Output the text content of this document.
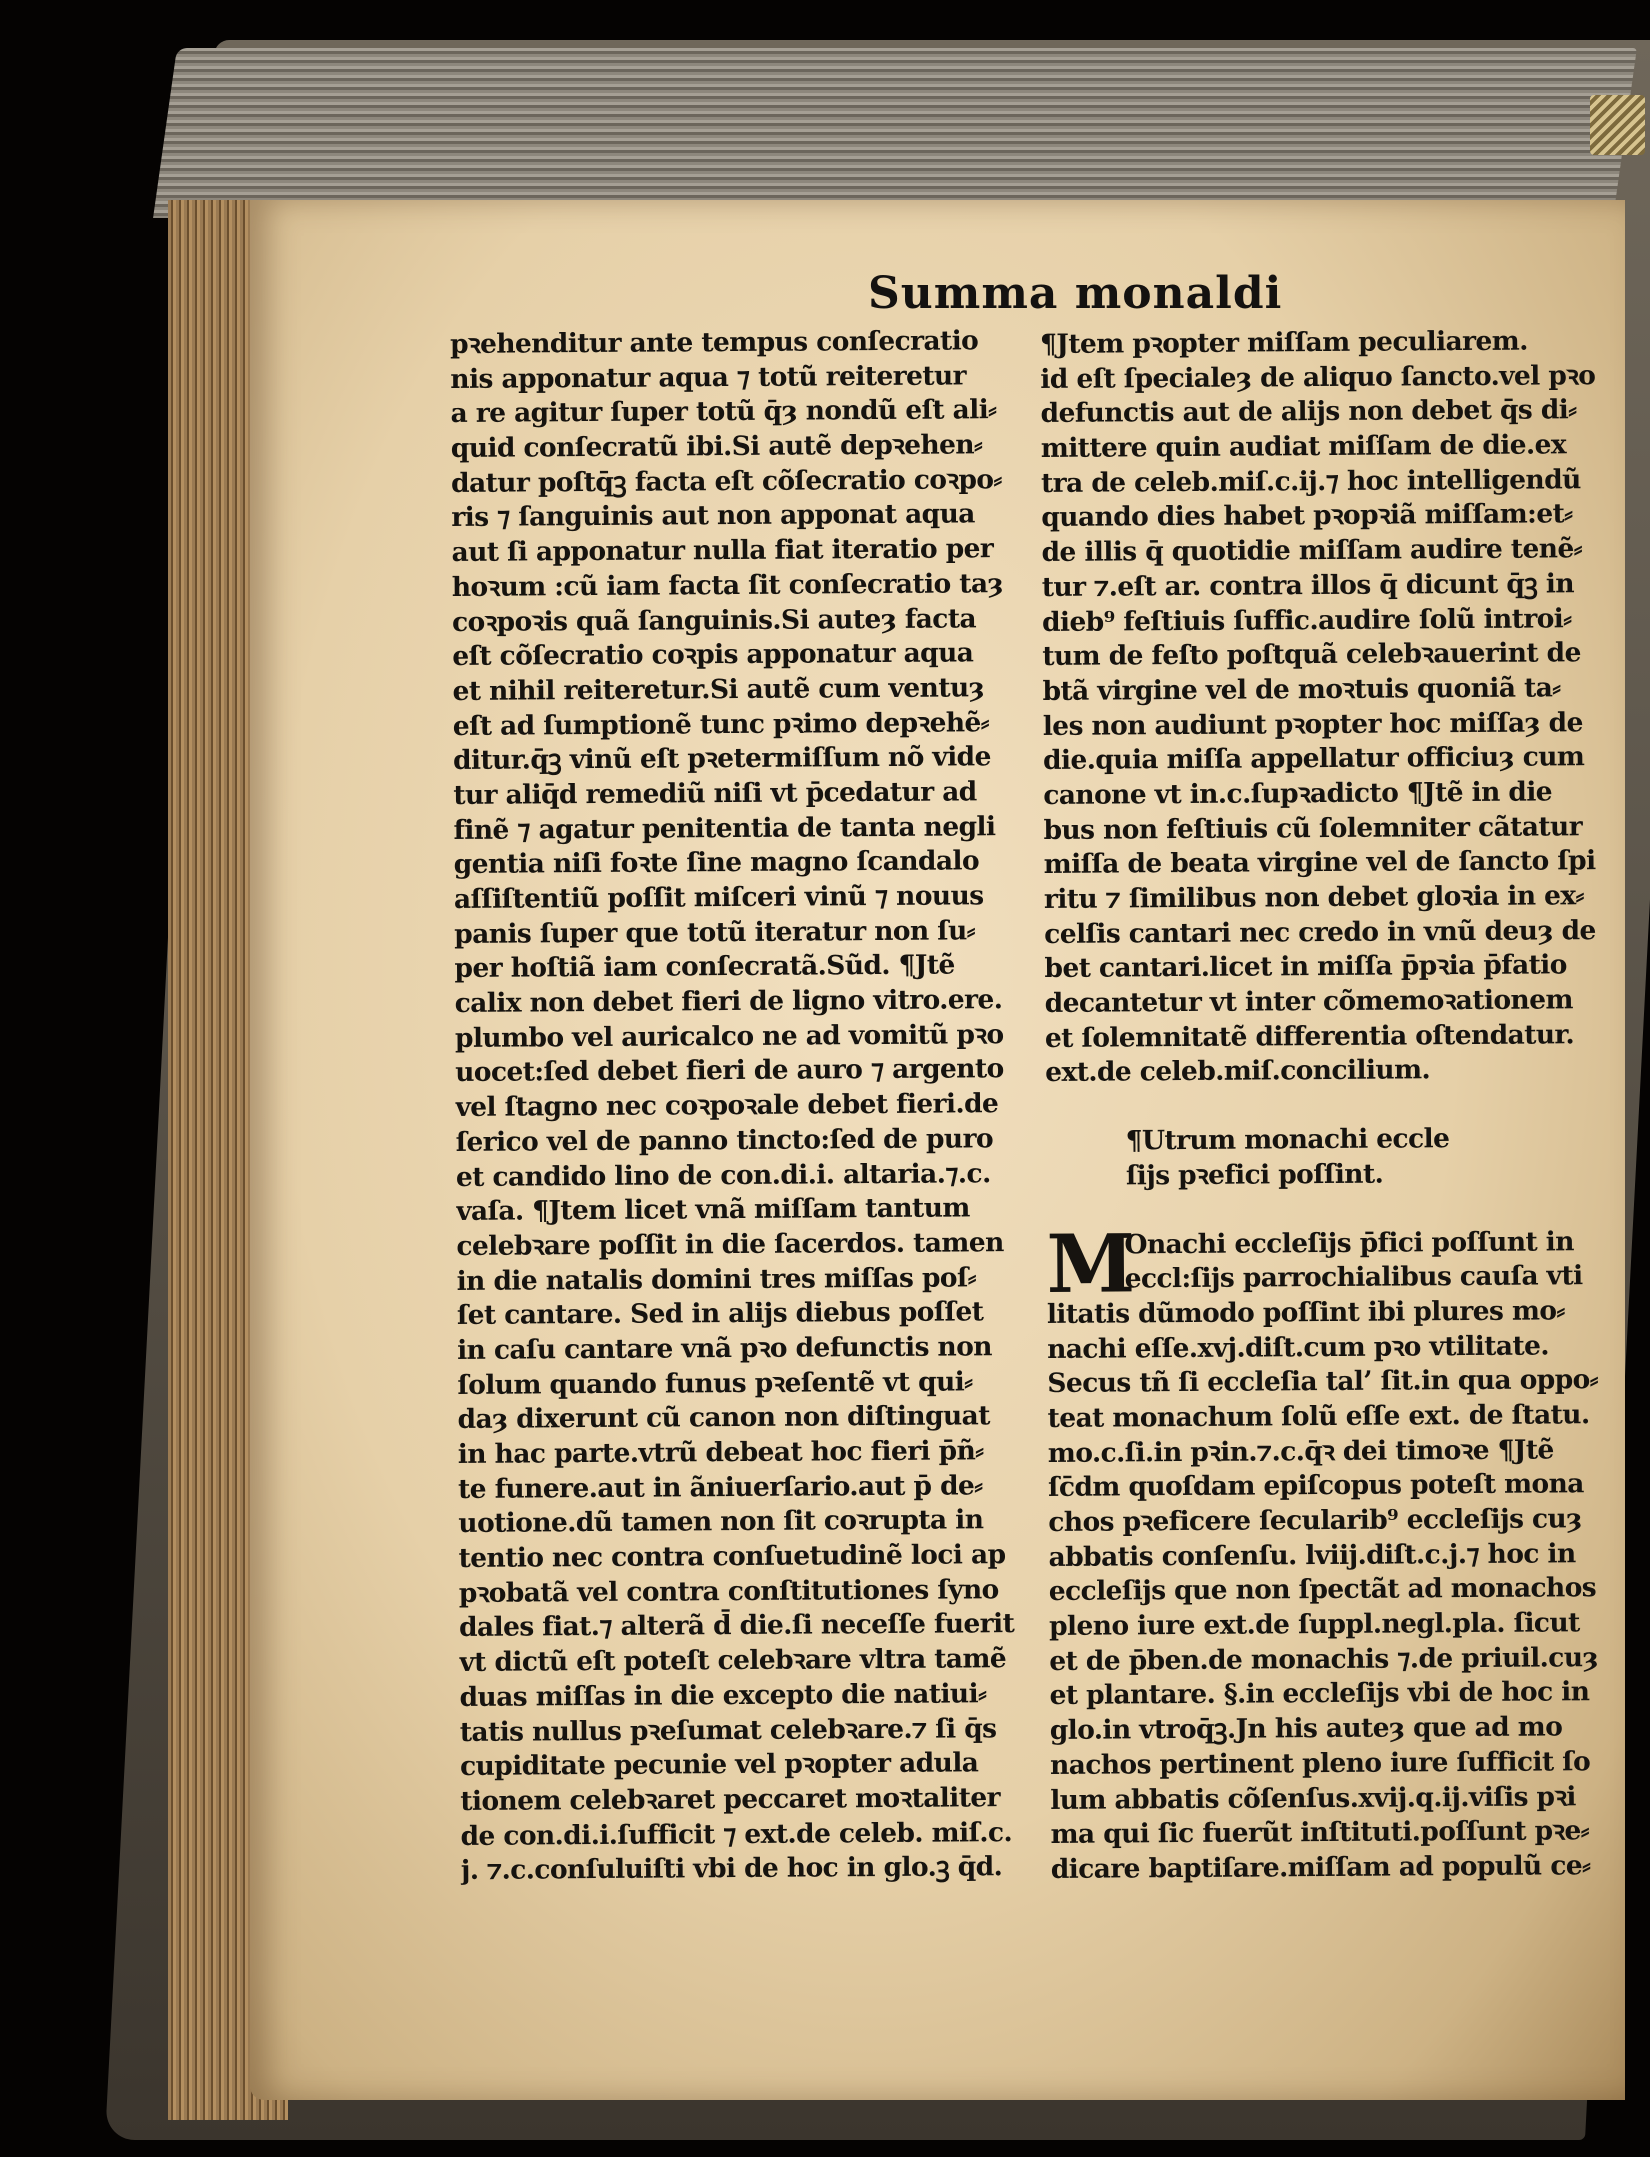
Summa monaldi
pꝛehenditur ante tempus conſecratio
nis apponatur aqua ⁊ totũ reiteretur
a re agitur ſuper totũ q̄ȝ nondũ eſt ali⸗
quid conſecratũ ibi.Si autẽ depꝛehen⸗
datur poſtq̄ꝫ facta eſt cõſecratio coꝛpo⸗
ris ⁊ ſanguinis aut non apponat aqua
aut ſi apponatur nulla fiat iteratio per
hoꝛum :cũ iam facta ſit conſecratio taȝ
coꝛpoꝛis quã ſanguinis.Si auteȝ facta
eſt cõſecratio coꝛpis apponatur aqua
et nihil reiteretur.Si autẽ cum ventuȝ
eſt ad ſumptionẽ tunc pꝛimo depꝛehẽ⸗
ditur.q̄ꝫ vinũ eſt pꝛetermiſſum nõ vide
tur aliq̄d remediũ niſi vt p̄cedatur ad
finẽ ⁊ agatur penitentia de tanta negli
gentia niſi foꝛte ſine magno ſcandalo
aſſiſtentiũ poſſit miſceri vinũ ⁊ nouus
panis ſuper que totũ iteratur non ſu⸗
per hoſtiã iam conſecratã.Sũd. ¶Jtẽ
calix non debet fieri de ligno vitro.ere.
plumbo vel auricalco ne ad vomitũ pꝛo
uocet:ſed debet fieri de auro ⁊ argento
vel ſtagno nec coꝛpoꝛale debet fieri.de
ſerico vel de panno tincto:ſed de puro
et candido lino de con.di.i. altaria.⁊.c.
vaſa. ¶Jtem licet vnã miſſam tantum
celebꝛare poſſit in die ſacerdos. tamen
in die natalis domini tres miſſas poſ⸗
ſet cantare. Sed in alijs diebus poſſet
in caſu cantare vnã pꝛo defunctis non
ſolum quando funus pꝛeſentẽ vt qui⸗
daȝ dixerunt cũ canon non diſtinguat
in hac parte.vtrũ debeat hoc fieri p̄ñ⸗
te funere.aut in ãniuerſario.aut p̄ de⸗
uotione.dũ tamen non ſit coꝛrupta in
tentio nec contra conſuetudinẽ loci ap
pꝛobatã vel contra conſtitutiones ſyno
dales fiat.⁊ alterã d̄ die.ſi neceſſe fuerit
vt dictũ eſt poteſt celebꝛare vltra tamẽ
duas miſſas in die excepto die natiui⸗
tatis nullus pꝛeſumat celebꝛare.⁊ ſi q̄s
cupiditate pecunie vel pꝛopter adula
tionem celebꝛaret peccaret moꝛtaliter
de con.di.i.ſufficit ⁊ ext.de celeb. miſ.c.
j. ⁊.c.conſuluiſti vbi de hoc in glo.ꝫ q̄d.
¶Jtem pꝛopter miſſam peculiarem.
id eſt ſpecialeȝ de aliquo ſancto.vel pꝛo
defunctis aut de alijs non debet q̄s di⸗
mittere quin audiat miſſam de die.ex
tra de celeb.miſ.c.ij.⁊ hoc intelligendũ
quando dies habet pꝛopꝛiã miſſam:et⸗
de illis q̄ quotidie miſſam audire tenẽ⸗
tur ⁊.eſt ar. contra illos q̄ dicunt q̄ꝫ in
dieb⁹ feſtiuis ſuffic.audire ſolũ introi⸗
tum de feſto poſtquã celebꝛauerint de
btã virgine vel de moꝛtuis quoniã ta⸗
les non audiunt pꝛopter hoc miſſaȝ de
die.quia miſſa appellatur officiuȝ cum
canone vt in.c.ſupꝛadicto ¶Jtẽ in die
bus non feſtiuis cũ ſolemniter cãtatur
miſſa de beata virgine vel de ſancto ſpi
ritu ⁊ ſimilibus non debet gloꝛia in ex⸗
celſis cantari nec credo in vnũ deuȝ de
bet cantari.licet in miſſa p̄pꝛia p̄fatio
decantetur vt inter cõmemoꝛationem
et ſolemnitatẽ differentia oſtendatur.
ext.de celeb.miſ.concilium.
¶Utrum monachi eccle
ſijs pꝛefici poſſint.
M
Onachi eccleſijs p̄fici poſſunt in
eccl:ſijs parrochialibus cauſa vti
litatis dũmodo poſſint ibi plures mo⸗
nachi eſſe.xvj.diſt.cum pꝛo vtilitate.
Secus tñ ſi eccleſia tal’ ſit.in qua oppo⸗
teat monachum ſolũ eſſe ext. de ſtatu.
mo.c.ſi.in pꝛin.⁊.c.q̄ꝛ dei timoꝛe ¶Jtẽ
ſc̄dm quoſdam epiſcopus poteſt mona
chos pꝛeficere ſecularib⁹ eccleſijs cuȝ
abbatis conſenſu. lviij.diſt.c.j.⁊ hoc in
eccleſijs que non ſpectãt ad monachos
pleno iure ext.de ſuppl.negl.pla. ſicut
et de p̄ben.de monachis ⁊.de priuil.cuȝ
et plantare. §.in eccleſijs vbi de hoc in
glo.in vtroq̄ꝫ.Jn his auteȝ que ad mo
nachos pertinent pleno iure ſufficit ſo
lum abbatis cõſenſus.xvij.q.ij.viſis pꝛi
ma qui ſic fuerũt inſtituti.poſſunt pꝛe⸗
dicare baptiſare.miſſam ad populũ ce⸗
